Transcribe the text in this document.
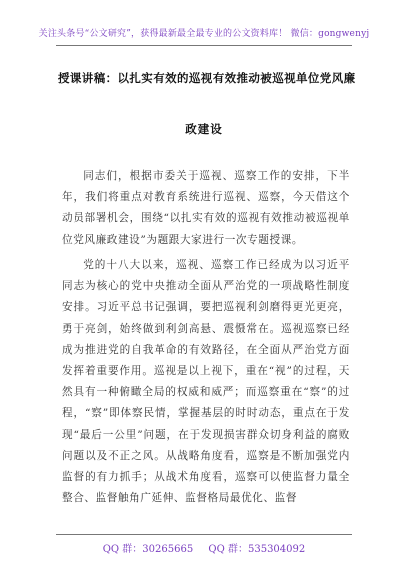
关注头条号“公文研究”，获得最新最全最专业的公文资料库！ 微信：gongwenyj
授课讲稿：以扎实有效的巡视有效推动被巡视单位党风廉
政建设

同志们，根据市委关于巡视、巡察工作的安排，下半年，我们将重点对教育系统进行巡视、巡察，今天借这个动员部署机会，围绕“以扎实有效的巡视有效推动被巡视单位党风廉政建设”为题跟大家进行一次专题授课。

党的十八大以来，巡视、巡察工作已经成为以习近平同志为核心的党中央推动全面从严治党的一项战略性制度安排。习近平总书记强调，要把巡视利剑磨得更光更亮，勇于亮剑，始终做到利剑高悬、震慑常在。巡视巡察已经成为推进党的自我革命的有效路径，在全面从严治党方面发挥着重要作用。巡视是以上视下，重在“视”的过程，天然具有一种俯瞰全局的权威和威严；而巡察重在“察”的过程，“察”即体察民情，掌握基层的时时动态，重点在于发现“最后一公里”问题，在于发现损害群众切身利益的腐败问题以及不正之风。从战略角度看，巡察是不断加强党内监督的有力抓手；从战术角度看，巡察可以使监督力量全整合、监督触角广延伸、监督格局最优化、监督

QQ 群：30265665 QQ 群：535304092
